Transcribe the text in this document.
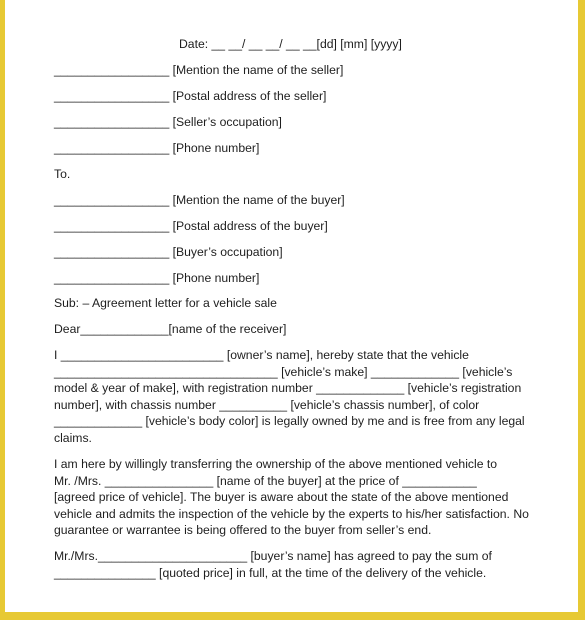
Date: __ __/ __ __/ __ __[dd] [mm] [yyyy]
_________________ [Mention the name of the seller]
_________________ [Postal address of the seller]
_________________ [Seller’s occupation]
_________________ [Phone number]
To.
_________________ [Mention the name of the buyer]
_________________ [Postal address of the buyer]
_________________ [Buyer’s occupation]
_________________ [Phone number]
Sub: – Agreement letter for a vehicle sale
Dear_____________[name of the receiver]
I ________________________ [owner’s name], hereby state that the vehicle
_________________________________ [vehicle’s make] _____________ [vehicle’s
model & year of make], with registration number _____________ [vehicle’s registration
number], with chassis number __________ [vehicle’s chassis number], of color
_____________ [vehicle’s body color] is legally owned by me and is free from any legal
claims.
I am here by willingly transferring the ownership of the above mentioned vehicle to
Mr. /Mrs. ________________ [name of the buyer] at the price of ___________
[agreed price of vehicle]. The buyer is aware about the state of the above mentioned
vehicle and admits the inspection of the vehicle by the experts to his/her satisfaction. No
guarantee or warrantee is being offered to the buyer from seller’s end.
Mr./Mrs.______________________ [buyer’s name] has agreed to pay the sum of
_______________ [quoted price] in full, at the time of the delivery of the vehicle.
